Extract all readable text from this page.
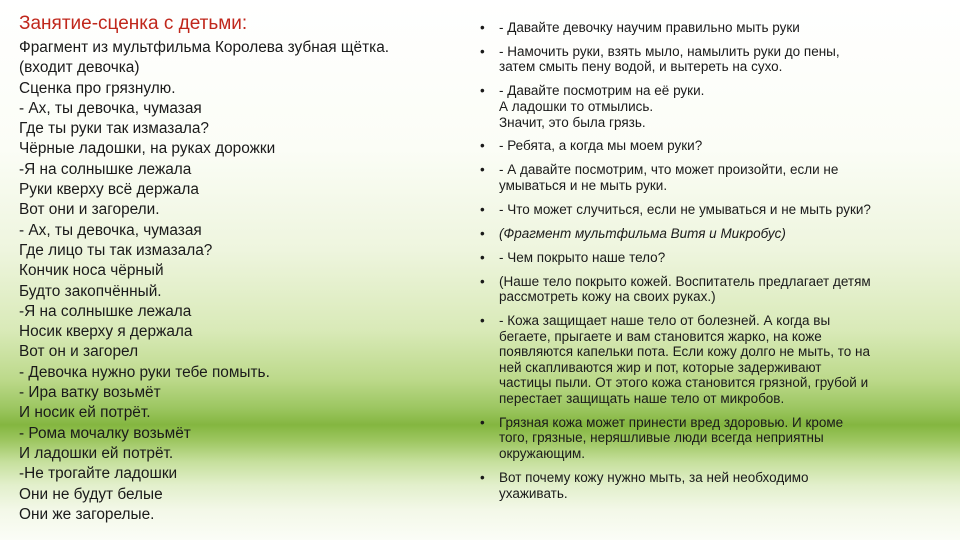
Занятие-сценка с детьми:
Фрагмент из мультфильма Королева зубная щётка.
(входит девочка)
Сценка про грязнулю.
- Ах, ты девочка, чумазая
Где ты руки так измазала?
Чёрные ладошки, на руках дорожки
-Я на солнышке лежала
Руки кверху всё держала
Вот они и загорели.
- Ах, ты девочка, чумазая
Где лицо ты так измазала?
Кончик носа чёрный
Будто закопчённый.
-Я на солнышке лежала
Носик кверху я держала
Вот он и загорел
- Девочка нужно руки тебе помыть.
- Ира ватку возьмёт
И носик ей потрёт.
- Рома мочалку возьмёт
И ладошки ей потрёт.
-Не трогайте ладошки
Они не будут белые
Они же загорелые.
• - Давайте девочку научим правильно мыть руки
• - Намочить руки, взять мыло, намылить руки до пены,
затем смыть пену водой, и вытереть на сухо.
• - Давайте посмотрим на её руки.
А ладошки то отмылись.
Значит, это была грязь.
• - Ребята, а когда мы моем руки?
• - А давайте посмотрим, что может произойти, если не
умываться и не мыть руки.
• - Что может случиться, если не умываться и не мыть руки?
• (Фрагмент мультфильма Витя и Микробус)
• - Чем покрыто наше тело?
• (Наше тело покрыто кожей. Воспитатель предлагает детям
рассмотреть кожу на своих руках.)
• - Кожа защищает наше тело от болезней. А когда вы
бегаете, прыгаете и вам становится жарко, на коже
появляются капельки пота. Если кожу долго не мыть, то на
ней скапливаются жир и пот, которые задерживают
частицы пыли. От этого кожа становится грязной, грубой и
перестает защищать наше тело от микробов.
• Грязная кожа может принести вред здоровью. И кроме
того, грязные, неряшливые люди всегда неприятны
окружающим.
• Вот почему кожу нужно мыть, за ней необходимо
ухаживать.
